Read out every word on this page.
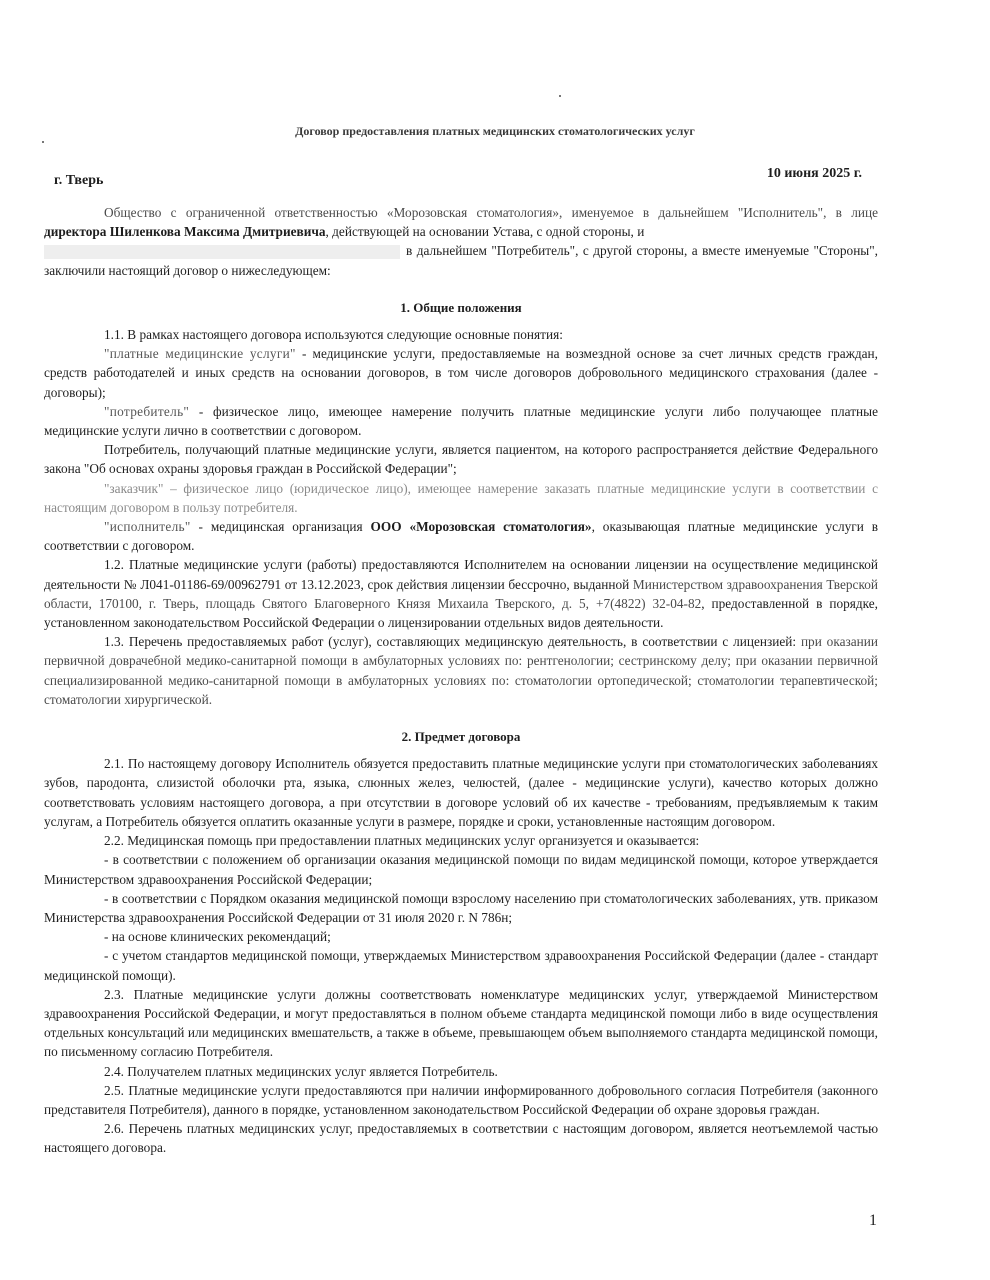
Договор предоставления платных медицинских стоматологических услуг
г. Тверь	10 июня 2025 г.

Общество с ограниченной ответственностью «Морозовская стоматология», именуемое в дальнейшем "Исполнитель", в лице директора Шиленкова Максима Дмитриевича, действующей на основании Устава, с одной стороны, и

в дальнейшем "Потребитель", с другой стороны, а вместе именуемые "Стороны", заключили настоящий договор о нижеследующем:

1. Общие положения

1.1. В рамках настоящего договора используются следующие основные понятия:

"платные медицинские услуги" - медицинские услуги, предоставляемые на возмездной основе за счет личных средств граждан, средств работодателей и иных средств на основании договоров, в том числе договоров добровольного медицинского страхования (далее - договоры);

"потребитель" - физическое лицо, имеющее намерение получить платные медицинские услуги либо получающее платные медицинские услуги лично в соответствии с договором.

Потребитель, получающий платные медицинские услуги, является пациентом, на которого распространяется действие Федерального закона "Об основах охраны здоровья граждан в Российской Федерации";

"заказчик" – физическое лицо (юридическое лицо), имеющее намерение заказать платные медицинские услуги в соответствии с настоящим договором в пользу потребителя.

"исполнитель" - медицинская организация ООО «Морозовская стоматология», оказывающая платные медицинские услуги в соответствии с договором.

1.2. Платные медицинские услуги (работы) предоставляются Исполнителем на основании лицензии на осуществление медицинской деятельности № Л041-01186-69/00962791 от 13.12.2023, срок действия лицензии бессрочно, выданной Министерством здравоохранения Тверской области, 170100, г. Тверь, площадь Святого Благоверного Князя Михаила Тверского, д. 5, +7(4822) 32-04-82, предоставленной в порядке, установленном законодательством Российской Федерации о лицензировании отдельных видов деятельности.

1.3. Перечень предоставляемых работ (услуг), составляющих медицинскую деятельность, в соответствии с лицензией: при оказании первичной доврачебной медико-санитарной помощи в амбулаторных условиях по: рентгенологии; сестринскому делу; при оказании первичной специализированной медико-санитарной помощи в амбулаторных условиях по: стоматологии ортопедической; стоматологии терапевтической; стоматологии хирургической.

2. Предмет договора

2.1. По настоящему договору Исполнитель обязуется предоставить платные медицинские услуги при стоматологических заболеваниях зубов, пародонта, слизистой оболочки рта, языка, слюнных желез, челюстей, (далее - медицинские услуги), качество которых должно соответствовать условиям настоящего договора, а при отсутствии в договоре условий об их качестве - требованиям, предъявляемым к таким услугам, а Потребитель обязуется оплатить оказанные услуги в размере, порядке и сроки, установленные настоящим договором.

2.2. Медицинская помощь при предоставлении платных медицинских услуг организуется и оказывается:

- в соответствии с положением об организации оказания медицинской помощи по видам медицинской помощи, которое утверждается Министерством здравоохранения Российской Федерации;

- в соответствии с Порядком оказания медицинской помощи взрослому населению при стоматологических заболеваниях, утв. приказом Министерства здравоохранения Российской Федерации от 31 июля 2020 г. N 786н;

- на основе клинических рекомендаций;

- с учетом стандартов медицинской помощи, утверждаемых Министерством здравоохранения Российской Федерации (далее - стандарт медицинской помощи).

2.3. Платные медицинские услуги должны соответствовать номенклатуре медицинских услуг, утверждаемой Министерством здравоохранения Российской Федерации, и могут предоставляться в полном объеме стандарта медицинской помощи либо в виде осуществления отдельных консультаций или медицинских вмешательств, а также в объеме, превышающем объем выполняемого стандарта медицинской помощи, по письменному согласию Потребителя.

2.4. Получателем платных медицинских услуг является Потребитель.

2.5. Платные медицинские услуги предоставляются при наличии информированного добровольного согласия Потребителя (законного представителя Потребителя), данного в порядке, установленном законодательством Российской Федерации об охране здоровья граждан.

2.6. Перечень платных медицинских услуг, предоставляемых в соответствии с настоящим договором, является неотъемлемой частью настоящего договора.

1
